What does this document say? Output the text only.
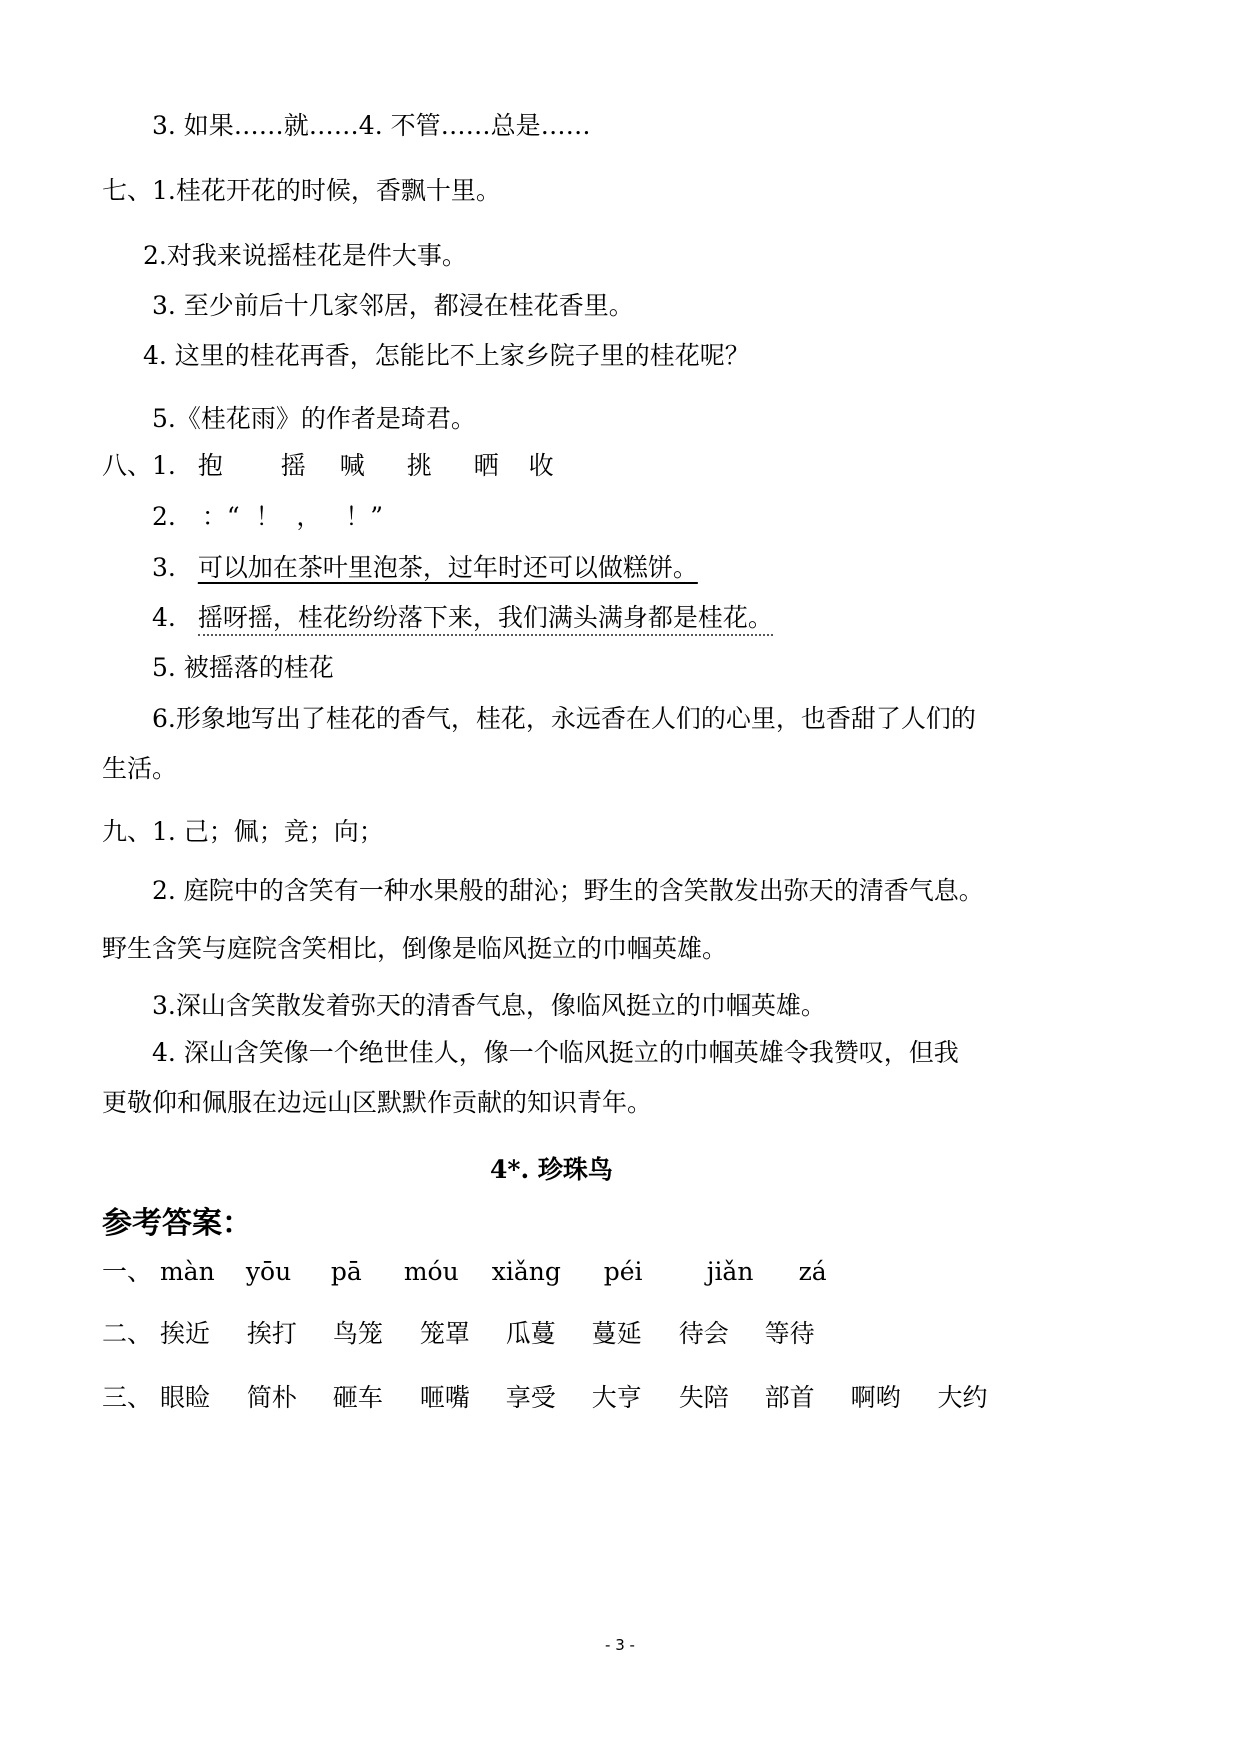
3. 如果……就……4. 不管……总是……
七、1.桂花开花的时候，香飘十里。
2.对我来说摇桂花是件大事。
3. 至少前后十几家邻居，都浸在桂花香里。
4. 这里的桂花再香，怎能比不上家乡院子里的桂花呢？
5.《桂花雨》的作者是琦君。
八、1. 抱 摇 喊 挑 晒 收
2. ：“  ！  ，   ！”
3. 可以加在茶叶里泡茶，过年时还可以做糕饼。
4. 摇呀摇，桂花纷纷落下来，我们满头满身都是桂花。
5. 被摇落的桂花
6.形象地写出了桂花的香气，桂花，永远香在人们的心里，也香甜了人们的
生活。
九、1. 己；佩；竞；向；
2. 庭院中的含笑有一种水果般的甜沁；野生的含笑散发出弥天的清香气息。
野生含笑与庭院含笑相比，倒像是临风挺立的巾帼英雄。
3.深山含笑散发着弥天的清香气息，像临风挺立的巾帼英雄。
4. 深山含笑像一个绝世佳人，像一个临风挺立的巾帼英雄令我赞叹，但我
更敬仰和佩服在边远山区默默作贡献的知识青年。
4*. 珍珠鸟
参考答案：
一、 màn yōu pā móu xiǎng péi	jiǎn zá
二、 挨近 挨打 鸟笼 笼罩 瓜蔓 蔓延 待会 等待
三、 眼睑 简朴 砸车 咂嘴 享受 大亨 失陪 部首 啊哟 大约
- 3 -
